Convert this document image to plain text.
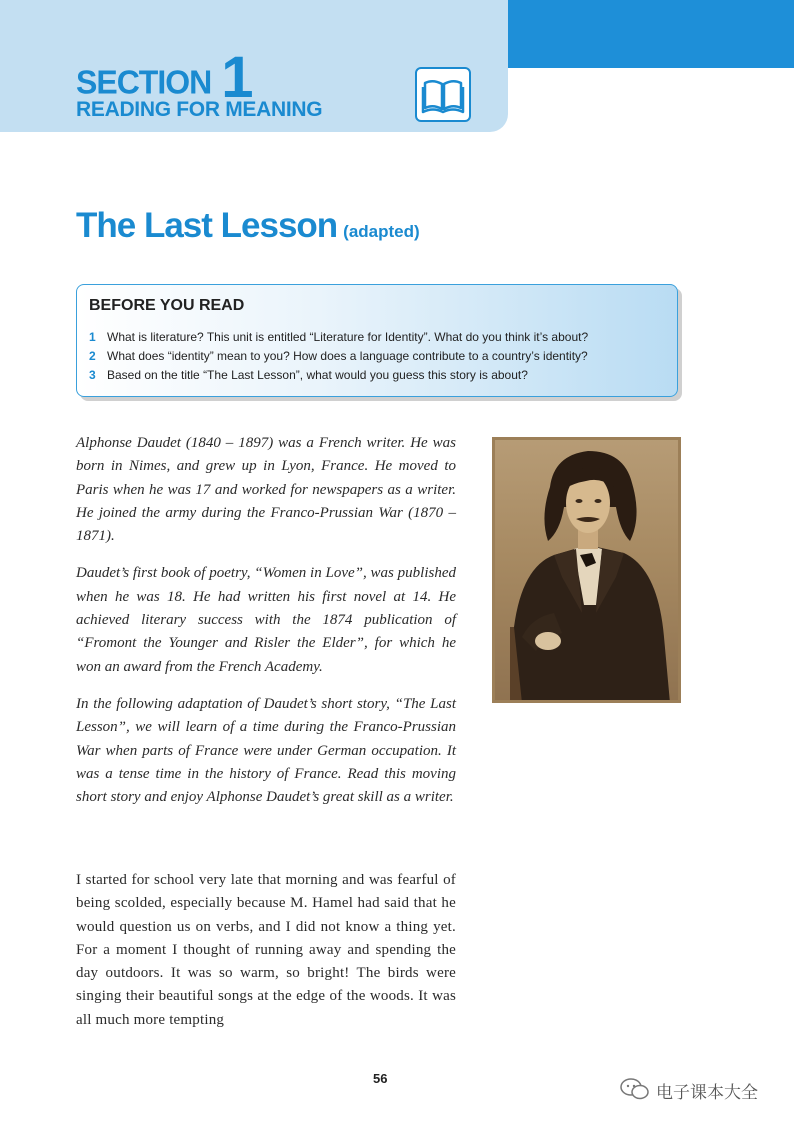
SECTION 1
READING FOR MEANING
The Last Lesson (adapted)
BEFORE YOU READ
1 What is literature? This unit is entitled “Literature for Identity”. What do you think it’s about?
2 What does “identity” mean to you? How does a language contribute to a country’s identity?
3 Based on the title “The Last Lesson”, what would you guess this story is about?

Alphonse Daudet (1840 – 1897) was a French writer. He was born in Nimes, and grew up in Lyon, France. He moved to Paris when he was 17 and worked for newspapers as a writer. He joined the army during the Franco-Prussian War (1870 – 1871).

Daudet’s first book of poetry, “Women in Love”, was published when he was 18. He had written his first novel at 14. He achieved literary success with the 1874 publication of “Fromont the Younger and Risler the Elder”, for which he won an award from the French Academy.

In the following adaptation of Daudet’s short story, “The Last Lesson”, we will learn of a time during the Franco-Prussian War when parts of France were under German occupation. It was a tense time in the history of France. Read this moving short story and enjoy Alphonse Daudet’s great skill as a writer.

I started for school very late that morning and was fearful of being scolded, especially because M. Hamel had said that he would question us on verbs, and I did not know a thing yet. For a moment I thought of running away and spending the day outdoors. It was so warm, so bright! The birds were singing their beautiful songs at the edge of the woods. It was all much more tempting

56
电子课本大全
